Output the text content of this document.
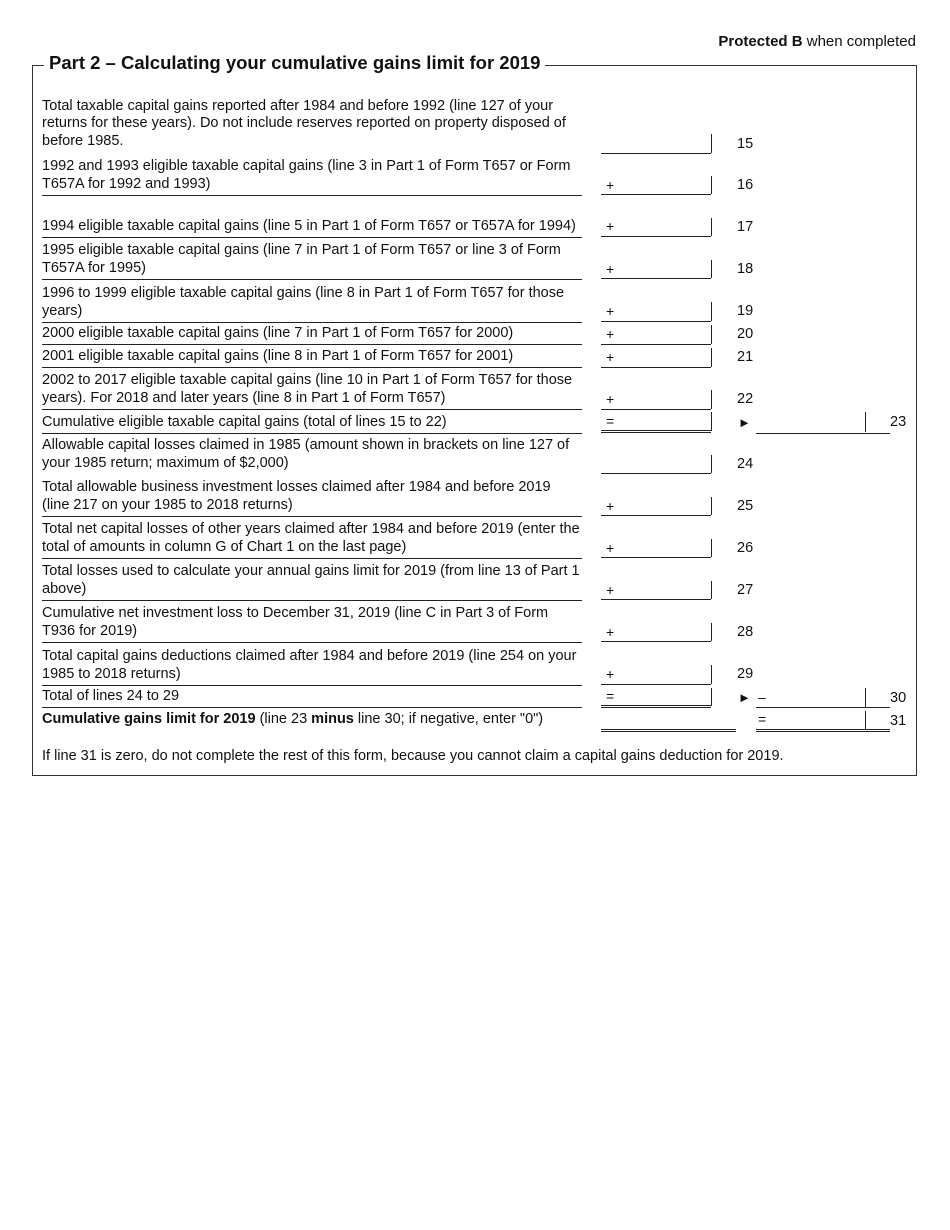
Protected B when completed
Part 2 – Calculating your cumulative gains limit for 2019
Total taxable capital gains reported after 1984 and before 1992 (line 127 of your returns for these years). Do not include reserves reported on property disposed of before 1985.	15
1992 and 1993 eligible taxable capital gains (line 3 in Part 1 of Form T657 or Form T657A for 1992 and 1993)	+	16
1994 eligible taxable capital gains (line 5 in Part 1 of Form T657 or T657A for 1994) +	17
1995 eligible taxable capital gains (line 7 in Part 1 of Form T657 or line 3 of Form T657A for 1995)	+	18
1996 to 1999 eligible taxable capital gains (line 8 in Part 1 of Form T657 for those years)	+	19
2000 eligible taxable capital gains (line 7 in Part 1 of Form T657 for 2000)	+	20
2001 eligible taxable capital gains (line 8 in Part 1 of Form T657 for 2001)	+	21
2002 to 2017 eligible taxable capital gains (line 10 in Part 1 of Form T657 for those years). For 2018 and later years (line 8 in Part 1 of Form T657)	+	22
Cumulative eligible taxable capital gains (total of lines 15 to 22)	=	►	23
Allowable capital losses claimed in 1985 (amount shown in brackets on line 127 of your 1985 return; maximum of $2,000)	24
Total allowable business investment losses claimed after 1984 and before 2019 (line 217 on your 1985 to 2018 returns)	+	25
Total net capital losses of other years claimed after 1984 and before 2019 (enter the total of amounts in column G of Chart 1 on the last page)	+	26
Total losses used to calculate your annual gains limit for 2019 (from line 13 of Part 1 above)	+	27
Cumulative net investment loss to December 31, 2019 (line C in Part 3 of Form T936 for 2019)	+	28
Total capital gains deductions claimed after 1984 and before 2019 (line 254 on your 1985 to 2018 returns)	+	29
Total of lines 24 to 29	=	► –	30
Cumulative gains limit for 2019 (line 23 minus line 30; if negative, enter "0")	=	31
If line 31 is zero, do not complete the rest of this form, because you cannot claim a capital gains deduction for 2019.
